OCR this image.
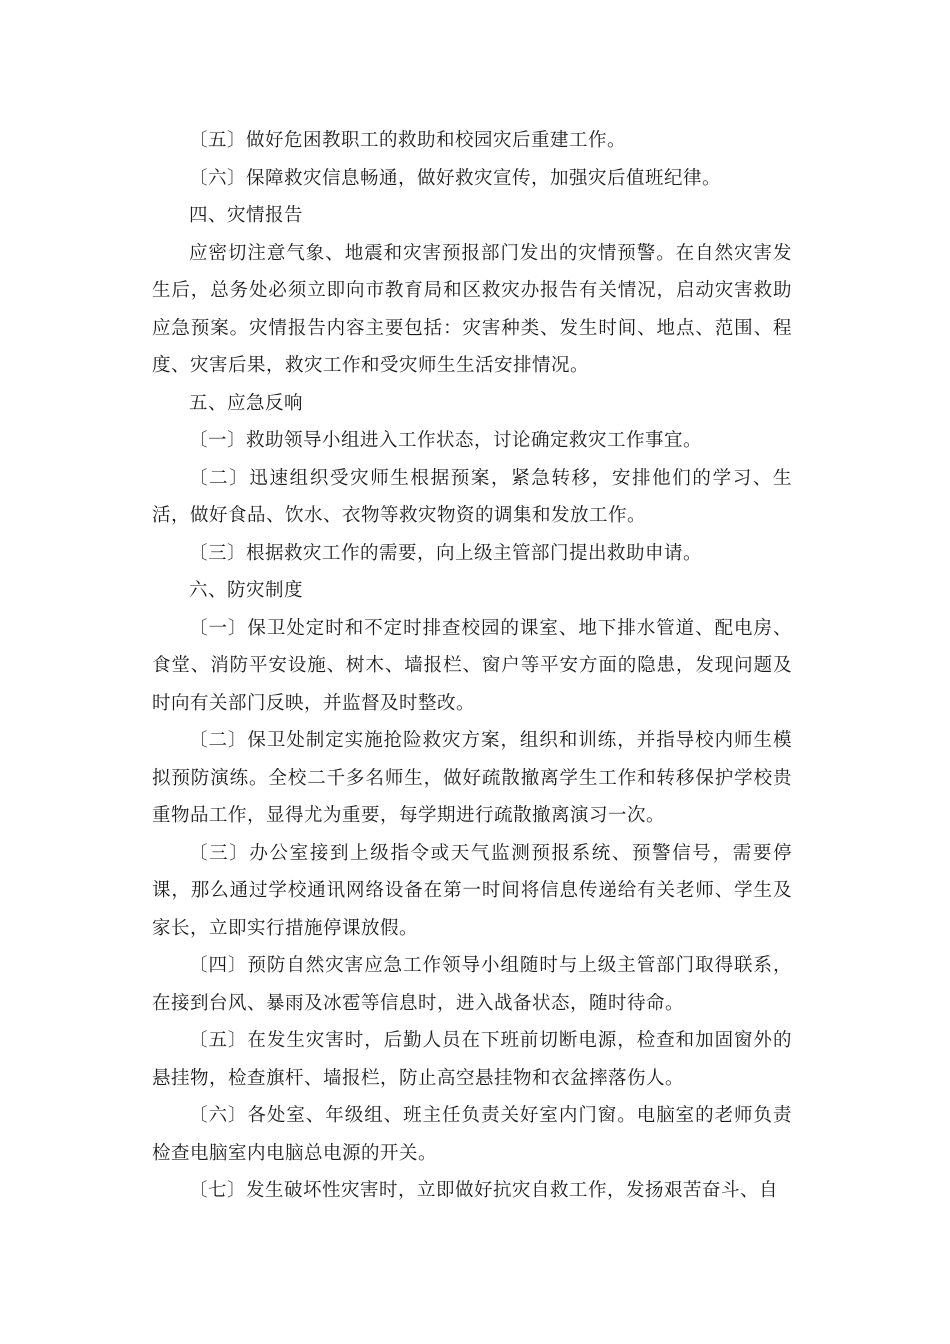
〔五〕做好危困教职工的救助和校园灾后重建工作。

〔六〕保障救灾信息畅通，做好救灾宣传，加强灾后值班纪律。

四、灾情报告

应密切注意气象、地震和灾害预报部门发出的灾情预警。在自然灾害发生后，总务处必须立即向市教育局和区救灾办报告有关情况，启动灾害救助应急预案。灾情报告内容主要包括：灾害种类、发生时间、地点、范围、程度、灾害后果，救灾工作和受灾师生生活安排情况。

五、应急反响

〔一〕救助领导小组进入工作状态，讨论确定救灾工作事宜。

〔二〕迅速组织受灾师生根据预案，紧急转移，安排他们的学习、生活，做好食品、饮水、衣物等救灾物资的调集和发放工作。

〔三〕根据救灾工作的需要，向上级主管部门提出救助申请。

六、防灾制度

〔一〕保卫处定时和不定时排查校园的课室、地下排水管道、配电房、食堂、消防平安设施、树木、墙报栏、窗户等平安方面的隐患，发现问题及时向有关部门反映，并监督及时整改。

〔二〕保卫处制定实施抢险救灾方案，组织和训练，并指导校内师生模拟预防演练。全校二千多名师生，做好疏散撤离学生工作和转移保护学校贵重物品工作，显得尤为重要，每学期进行疏散撤离演习一次。

〔三〕办公室接到上级指令或天气监测预报系统、预警信号，需要停课，那么通过学校通讯网络设备在第一时间将信息传递给有关老师、学生及家长，立即实行措施停课放假。

〔四〕预防自然灾害应急工作领导小组随时与上级主管部门取得联系，在接到台风、暴雨及冰雹等信息时，进入战备状态，随时待命。

〔五〕在发生灾害时，后勤人员在下班前切断电源，检查和加固窗外的悬挂物，检查旗杆、墙报栏，防止高空悬挂物和衣盆摔落伤人。

〔六〕各处室、年级组、班主任负责关好室内门窗。电脑室的老师负责检查电脑室内电脑总电源的开关。

〔七〕发生破坏性灾害时，立即做好抗灾自救工作，发扬艰苦奋斗、自
